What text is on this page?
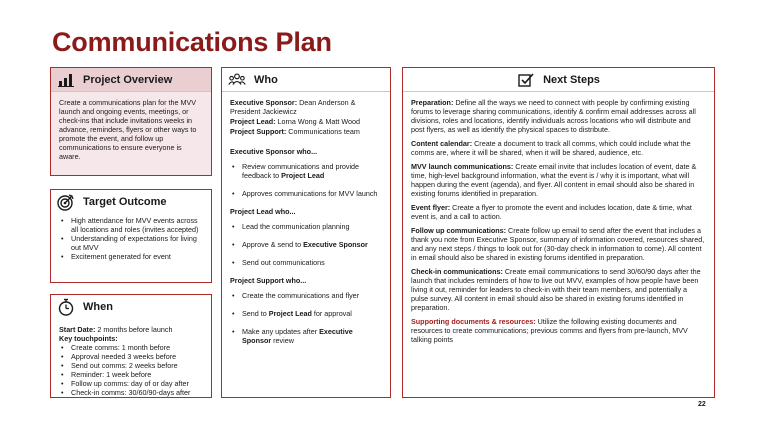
Communications Plan
Project Overview
Create a communications plan for the MVV launch and ongoing events, meetings, or check-ins that include invitations weeks in advance, reminders, flyers or other ways to promote the event, and follow up communications to ensure everyone is aware.
Target Outcome
• High attendance for MVV events across all locations and roles (invites accepted)
• Understanding of expectations for living out MVV
• Excitement generated for event
When
Start Date: 2 months before launch
Key touchpoints:
• Create comms: 1 month before
• Approval needed 3 weeks before
• Send out comms: 2 weeks before
• Reminder: 1 week before
• Follow up comms: day of or day after
• Check-in comms: 30/60/90-days after
Who

Executive Sponsor: Dean Anderson & President Jackiewicz

Project Lead: Lorna Wong & Matt Wood

Project Support: Communications team

Executive Sponsor who...
• Review communications and provide feedback to Project Lead
• Approves communications for MVV launch
Project Lead who...
• Lead the communication planning
• Approve & send to Executive Sponsor
• Send out communications
Project Support who...
• Create the communications and flyer
• Send to Project Lead for approval
• Make any updates after Executive Sponsor review
Next Steps

Preparation: Define all the ways we need to connect with people by confirming existing forums to leverage sharing communications, identify & confirm email addresses across all divisions, roles and locations, identify individuals across locations who will distribute and post flyers, as well as identify the physical spaces to distribute.

Content calendar: Create a document to track all comms, which could include what the comms are, where it will be shared, when it will be shared, audience, etc.

MVV launch communications: Create email invite that includes location of event, date & time, high-level background information, what the event is / why it is important, what will happen during the event (agenda), and flyer. All content in email should also be shared in existing forums identified in preparation.

Event flyer: Create a flyer to promote the event and includes location, date & time, what event is, and a call to action.

Follow up communications: Create follow up email to send after the event that includes a thank you note from Executive Sponsor, summary of information covered, resources shared, and any next steps / things to look out for (30-day check in information to come). All content in email should also be shared in existing forums identified in preparation.

Check-in communications: Create email communications to send 30/60/90 days after the launch that includes reminders of how to live out MVV, examples of how people have been living it out, reminder for leaders to check-in with their team members, and potentially a pulse survey. All content in email should also be shared in existing forums identified in preparation.

Supporting documents & resources: Utilize the following existing documents and resources to create communications; previous comms and flyers from pre-launch, MVV talking points

22
